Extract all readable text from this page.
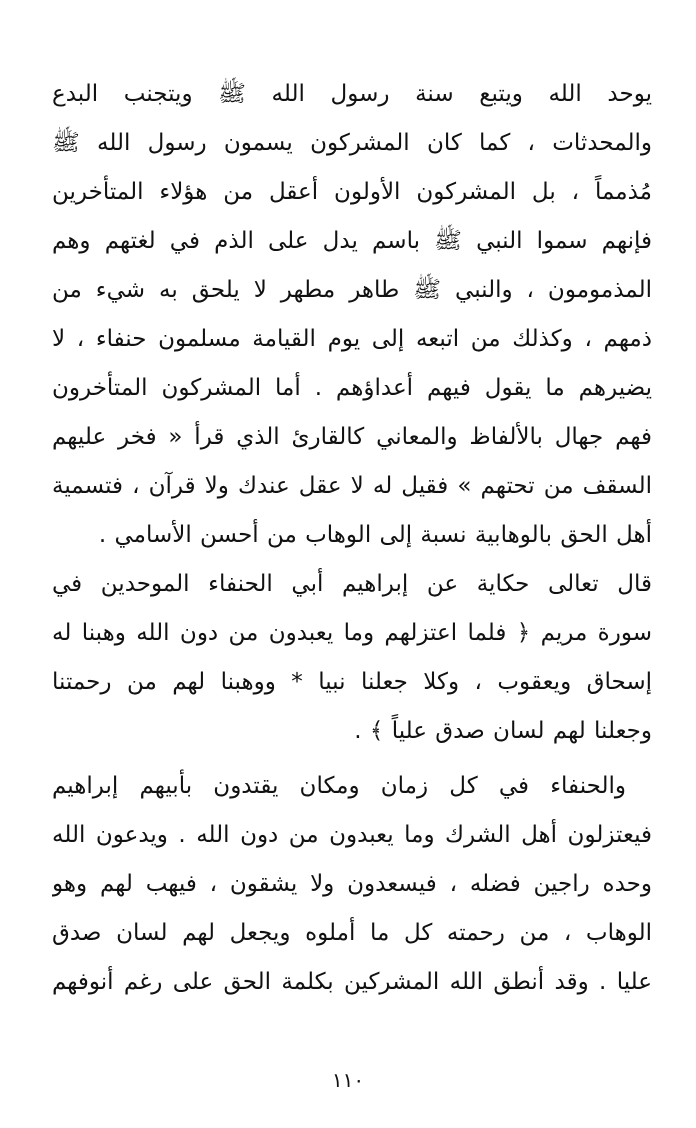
يوحد الله ويتبع سنة رسول الله ﷺ ويتجنب البدع
والمحدثات ، كما كان المشركون يسمون رسول الله ﷺ
مُذمماً ، بل المشركون الأولون أعقل من هؤلاء المتأخرين
فإنهم سموا النبي ﷺ باسم يدل على الذم في لغتهم وهم
المذمومون ، والنبي ﷺ طاهر مطهر لا يلحق به شيء من
ذمهم ، وكذلك من اتبعه إلى يوم القيامة مسلمون حنفاء ، لا
يضيرهم ما يقول فيهم أعداؤهم . أما المشركون المتأخرون
فهم جهال بالألفاظ والمعاني كالقارئ الذي قرأ « فخر عليهم
السقف من تحتهم » فقيل له لا عقل عندك ولا قرآن ، فتسمية
أهل الحق بالوهابية نسبة إلى الوهاب من أحسن الأسامي .
قال تعالى حكاية عن إبراهيم أبي الحنفاء الموحدين في
سورة مريم ﴿ فلما اعتزلهم وما يعبدون من دون الله وهبنا له
إسحاق ويعقوب ، وكلا جعلنا نبيا * ووهبنا لهم من رحمتنا
وجعلنا لهم لسان صدق علياً ﴾ .
والحنفاء في كل زمان ومكان يقتدون بأبيهم إبراهيم
فيعتزلون أهل الشرك وما يعبدون من دون الله . ويدعون الله
وحده راجين فضله ، فيسعدون ولا يشقون ، فيهب لهم وهو
الوهاب ، من رحمته كل ما أملوه ويجعل لهم لسان صدق
عليا . وقد أنطق الله المشركين بكلمة الحق على رغم أنوفهم
١١٠
